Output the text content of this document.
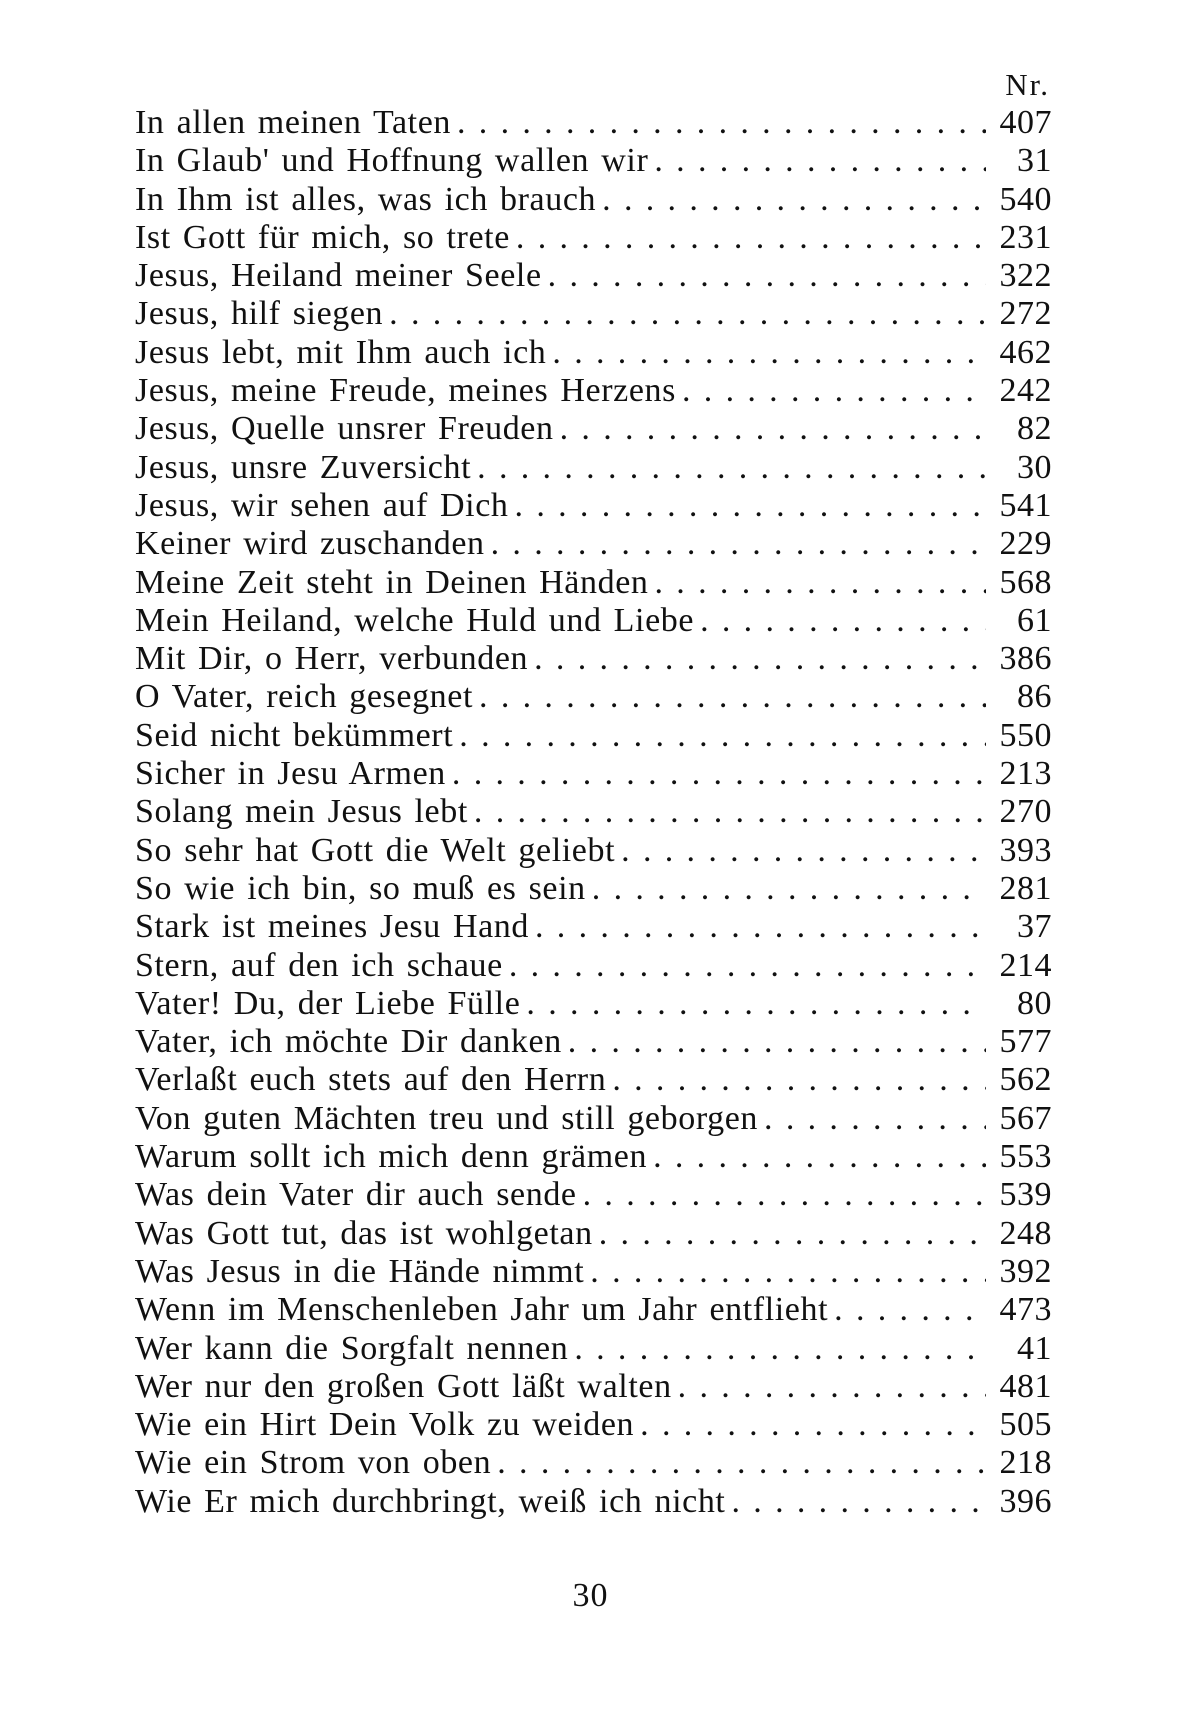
Nr.
In allen meinen Taten . . .	407
In Glaub' und Hoffnung wallen wir . . .	31
In Ihm ist alles, was ich brauch . . .	540
Ist Gott für mich, so trete . . .	231
Jesus, Heiland meiner Seele . . .	322
Jesus, hilf siegen . . .	272
Jesus lebt, mit Ihm auch ich . . .	462
Jesus, meine Freude, meines Herzens . . .	242
Jesus, Quelle unsrer Freuden . . .	82
Jesus, unsre Zuversicht . . .	30
Jesus, wir sehen auf Dich . . .	541
Keiner wird zuschanden . . .	229
Meine Zeit steht in Deinen Händen . . .	568
Mein Heiland, welche Huld und Liebe . . .	61
Mit Dir, o Herr, verbunden . . .	386
O Vater, reich gesegnet . . .	86
Seid nicht bekümmert . . .	550
Sicher in Jesu Armen . . .	213
Solang mein Jesus lebt . . .	270
So sehr hat Gott die Welt geliebt . . .	393
So wie ich bin, so muß es sein . . .	281
Stark ist meines Jesu Hand . . .	37
Stern, auf den ich schaue . . .	214
Vater! Du, der Liebe Fülle . . .	80
Vater, ich möchte Dir danken . . .	577
Verlaßt euch stets auf den Herrn . . .	562
Von guten Mächten treu und still geborgen . . .	567
Warum sollt ich mich denn grämen . . .	553
Was dein Vater dir auch sende . . .	539
Was Gott tut, das ist wohlgetan . . .	248
Was Jesus in die Hände nimmt . . .	392
Wenn im Menschenleben Jahr um Jahr entflieht . . .	473
Wer kann die Sorgfalt nennen . . .	41
Wer nur den großen Gott läßt walten . . .	481
Wie ein Hirt Dein Volk zu weiden . . .	505
Wie ein Strom von oben . . .	218
Wie Er mich durchbringt, weiß ich nicht . . .	396
30
